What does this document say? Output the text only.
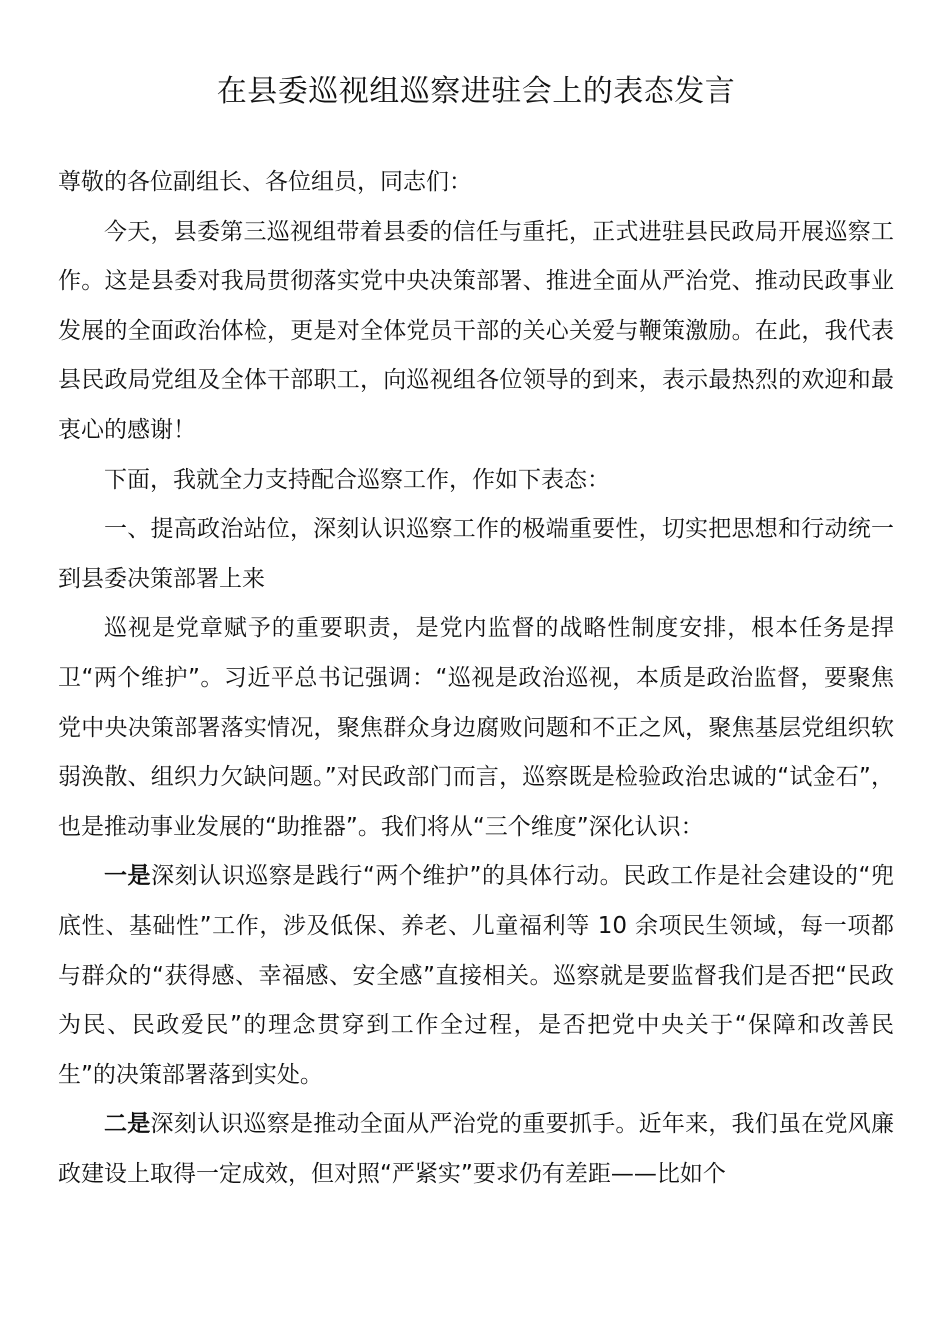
在县委巡视组巡察进驻会上的表态发言

尊敬的各位副组长、各位组员，同志们：

今天，县委第三巡视组带着县委的信任与重托，正式进驻县民政局开展巡察工作。这是县委对我局贯彻落实党中央决策部署、推进全面从严治党、推动民政事业发展的全面政治体检，更是对全体党员干部的关心关爱与鞭策激励。在此，我代表县民政局党组及全体干部职工，向巡视组各位领导的到来，表示最热烈的欢迎和最衷心的感谢！

下面，我就全力支持配合巡察工作，作如下表态：

一、提高政治站位，深刻认识巡察工作的极端重要性，切实把思想和行动统一到县委决策部署上来

巡视是党章赋予的重要职责，是党内监督的战略性制度安排，根本任务是捍卫“两个维护”。习近平总书记强调：“巡视是政治巡视，本质是政治监督，要聚焦党中央决策部署落实情况，聚焦群众身边腐败问题和不正之风，聚焦基层党组织软弱涣散、组织力欠缺问题。”对民政部门而言，巡察既是检验政治忠诚的“试金石”，也是推动事业发展的“助推器”。我们将从“三个维度”深化认识：

一是深刻认识巡察是践行“两个维护”的具体行动。民政工作是社会建设的“兜底性、基础性”工作，涉及低保、养老、儿童福利等 10 余项民生领域，每一项都与群众的“获得感、幸福感、安全感”直接相关。巡察就是要监督我们是否把“民政为民、民政爱民”的理念贯穿到工作全过程，是否把党中央关于“保障和改善民生”的决策部署落到实处。

二是深刻认识巡察是推动全面从严治党的重要抓手。近年来，我们虽在党风廉政建设上取得一定成效，但对照“严紧实”要求仍有差距——比如个
